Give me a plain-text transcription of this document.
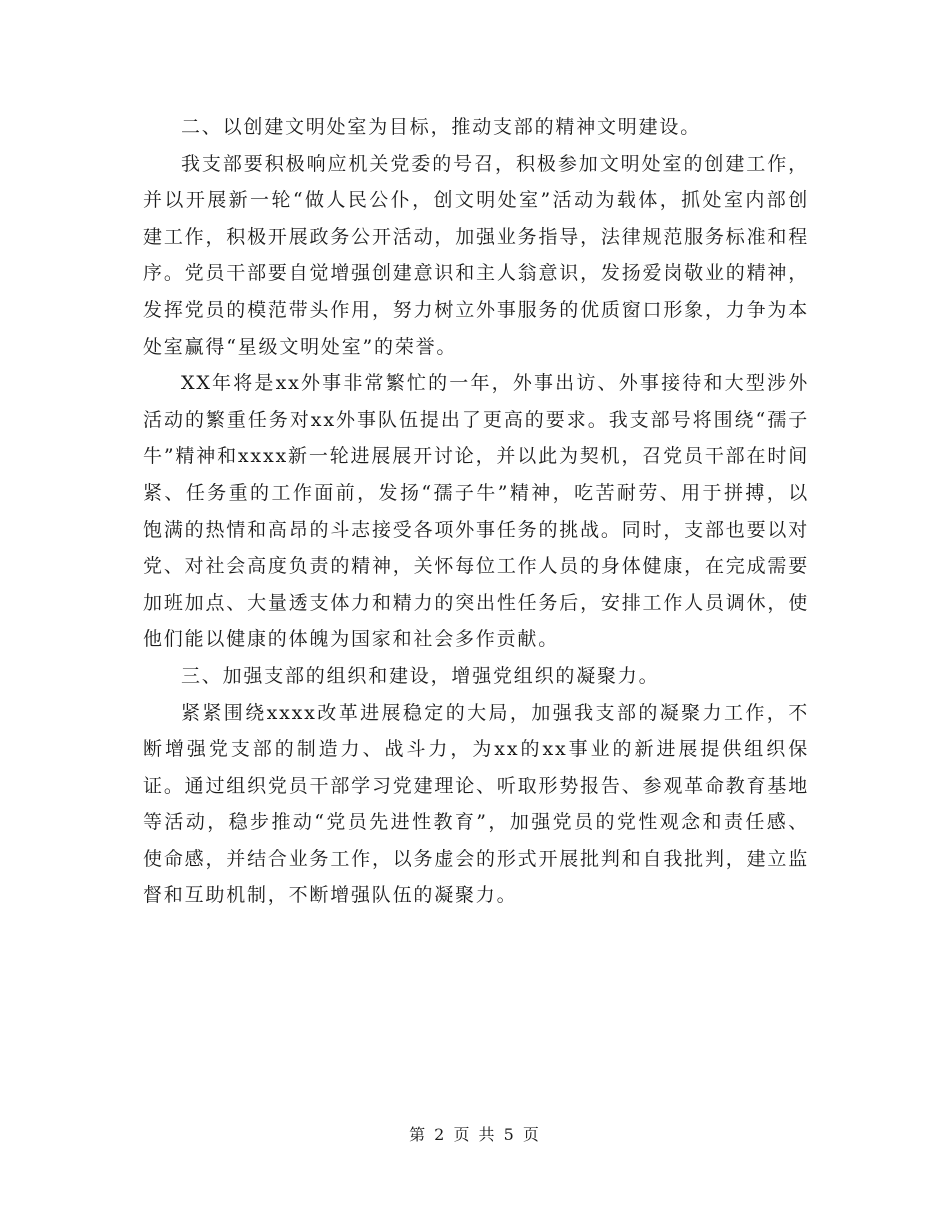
二、以创建文明处室为目标，推动支部的精神文明建设。

我支部要积极响应机关党委的号召，积极参加文明处室的创建工作，并以开展新一轮“做人民公仆，创文明处室”活动为载体，抓处室内部创建工作，积极开展政务公开活动，加强业务指导，法律规范服务标准和程序。党员干部要自觉增强创建意识和主人翁意识，发扬爱岗敬业的精神，发挥党员的模范带头作用，努力树立外事服务的优质窗口形象，力争为本处室赢得“星级文明处室”的荣誉。

XX年将是xx外事非常繁忙的一年，外事出访、外事接待和大型涉外活动的繁重任务对xx外事队伍提出了更高的要求。我支部号将围绕“孺子牛”精神和xxxx新一轮进展展开讨论，并以此为契机，召党员干部在时间紧、任务重的工作面前，发扬“孺子牛”精神，吃苦耐劳、用于拼搏，以饱满的热情和高昂的斗志接受各项外事任务的挑战。同时，支部也要以对党、对社会高度负责的精神，关怀每位工作人员的身体健康，在完成需要加班加点、大量透支体力和精力的突出性任务后，安排工作人员调休，使他们能以健康的体魄为国家和社会多作贡献。

三、加强支部的组织和建设，增强党组织的凝聚力。

紧紧围绕xxxx改革进展稳定的大局，加强我支部的凝聚力工作，不断增强党支部的制造力、战斗力，为xx的xx事业的新进展提供组织保证。通过组织党员干部学习党建理论、听取形势报告、参观革命教育基地等活动，稳步推动“党员先进性教育”，加强党员的党性观念和责任感、使命感，并结合业务工作，以务虚会的形式开展批判和自我批判，建立监督和互助机制，不断增强队伍的凝聚力。

第 2 页 共 5 页
